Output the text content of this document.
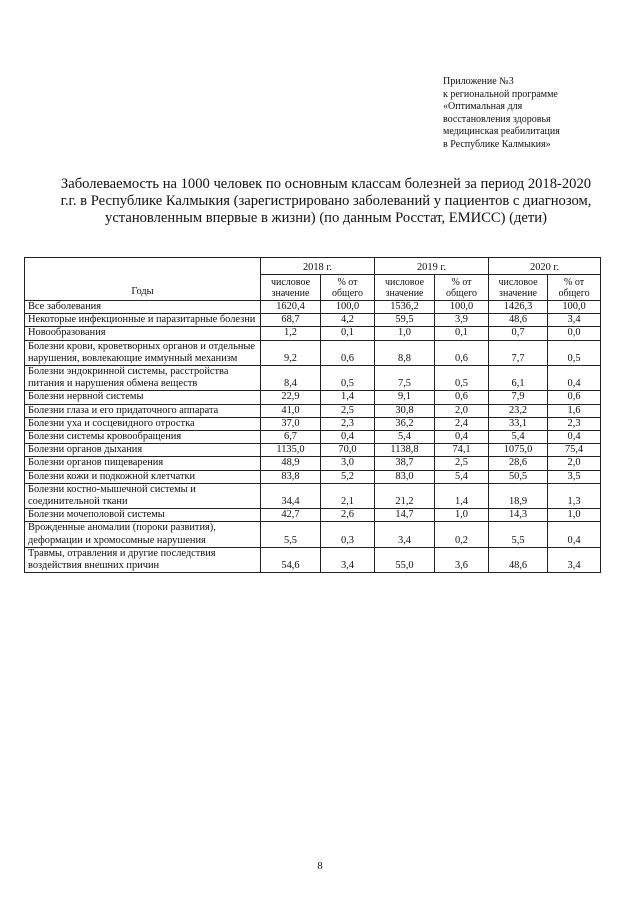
Приложение №3
к региональной программе
«Оптимальная для
восстановления здоровья
медицинская реабилитация
в Республике Калмыкия»
Заболеваемость на 1000 человек по основным классам болезней за период 2018-2020 г.г. в Республике Калмыкия (зарегистрировано заболеваний у пациентов с диагнозом, установленным впервые в жизни) (по данным Росстат, ЕМИСС) (дети)
Годы	2018 г.		2019 г.		2020 г.	
	числовое значение	% от общего	числовое значение	% от общего	числовое значение	% от общего
Все заболевания	1620,4	100,0	1536,2	100,0	1426,3	100,0
Некоторые инфекционные и паразитарные болезни	68,7	4,2	59,5	3,9	48,6	3,4
Новообразования	1,2	0,1	1,0	0,1	0,7	0,0
Болезни крови, кроветворных органов и отдельные нарушения, вовлекающие иммунный механизм	9,2	0,6	8,8	0,6	7,7	0,5
Болезни эндокринной системы, расстройства питания и нарушения обмена веществ	8,4	0,5	7,5	0,5	6,1	0,4
Болезни нервной системы	22,9	1,4	9,1	0,6	7,9	0,6
Болезни глаза и его придаточного аппарата	41,0	2,5	30,8	2,0	23,2	1,6
Болезни уха и сосцевидного отростка	37,0	2,3	36,2	2,4	33,1	2,3
Болезни системы кровообращения	6,7	0,4	5,4	0,4	5,4	0,4
Болезни органов дыхания	1135,0	70,0	1138,8	74,1	1075,0	75,4
Болезни органов пищеварения	48,9	3,0	38,7	2,5	28,6	2,0
Болезни кожи и подкожной клетчатки	83,8	5,2	83,0	5,4	50,5	3,5
Болезни костно-мышечной системы и соединительной ткани	34,4	2,1	21,2	1,4	18,9	1,3
Болезни мочеполовой системы	42,7	2,6	14,7	1,0	14,3	1,0
Врожденные аномалии (пороки развития), деформации и хромосомные нарушения	5,5	0,3	3,4	0,2	5,5	0,4
Травмы, отравления и другие последствия воздействия внешних причин	54,6	3,4	55,0	3,6	48,6	3,4
8
